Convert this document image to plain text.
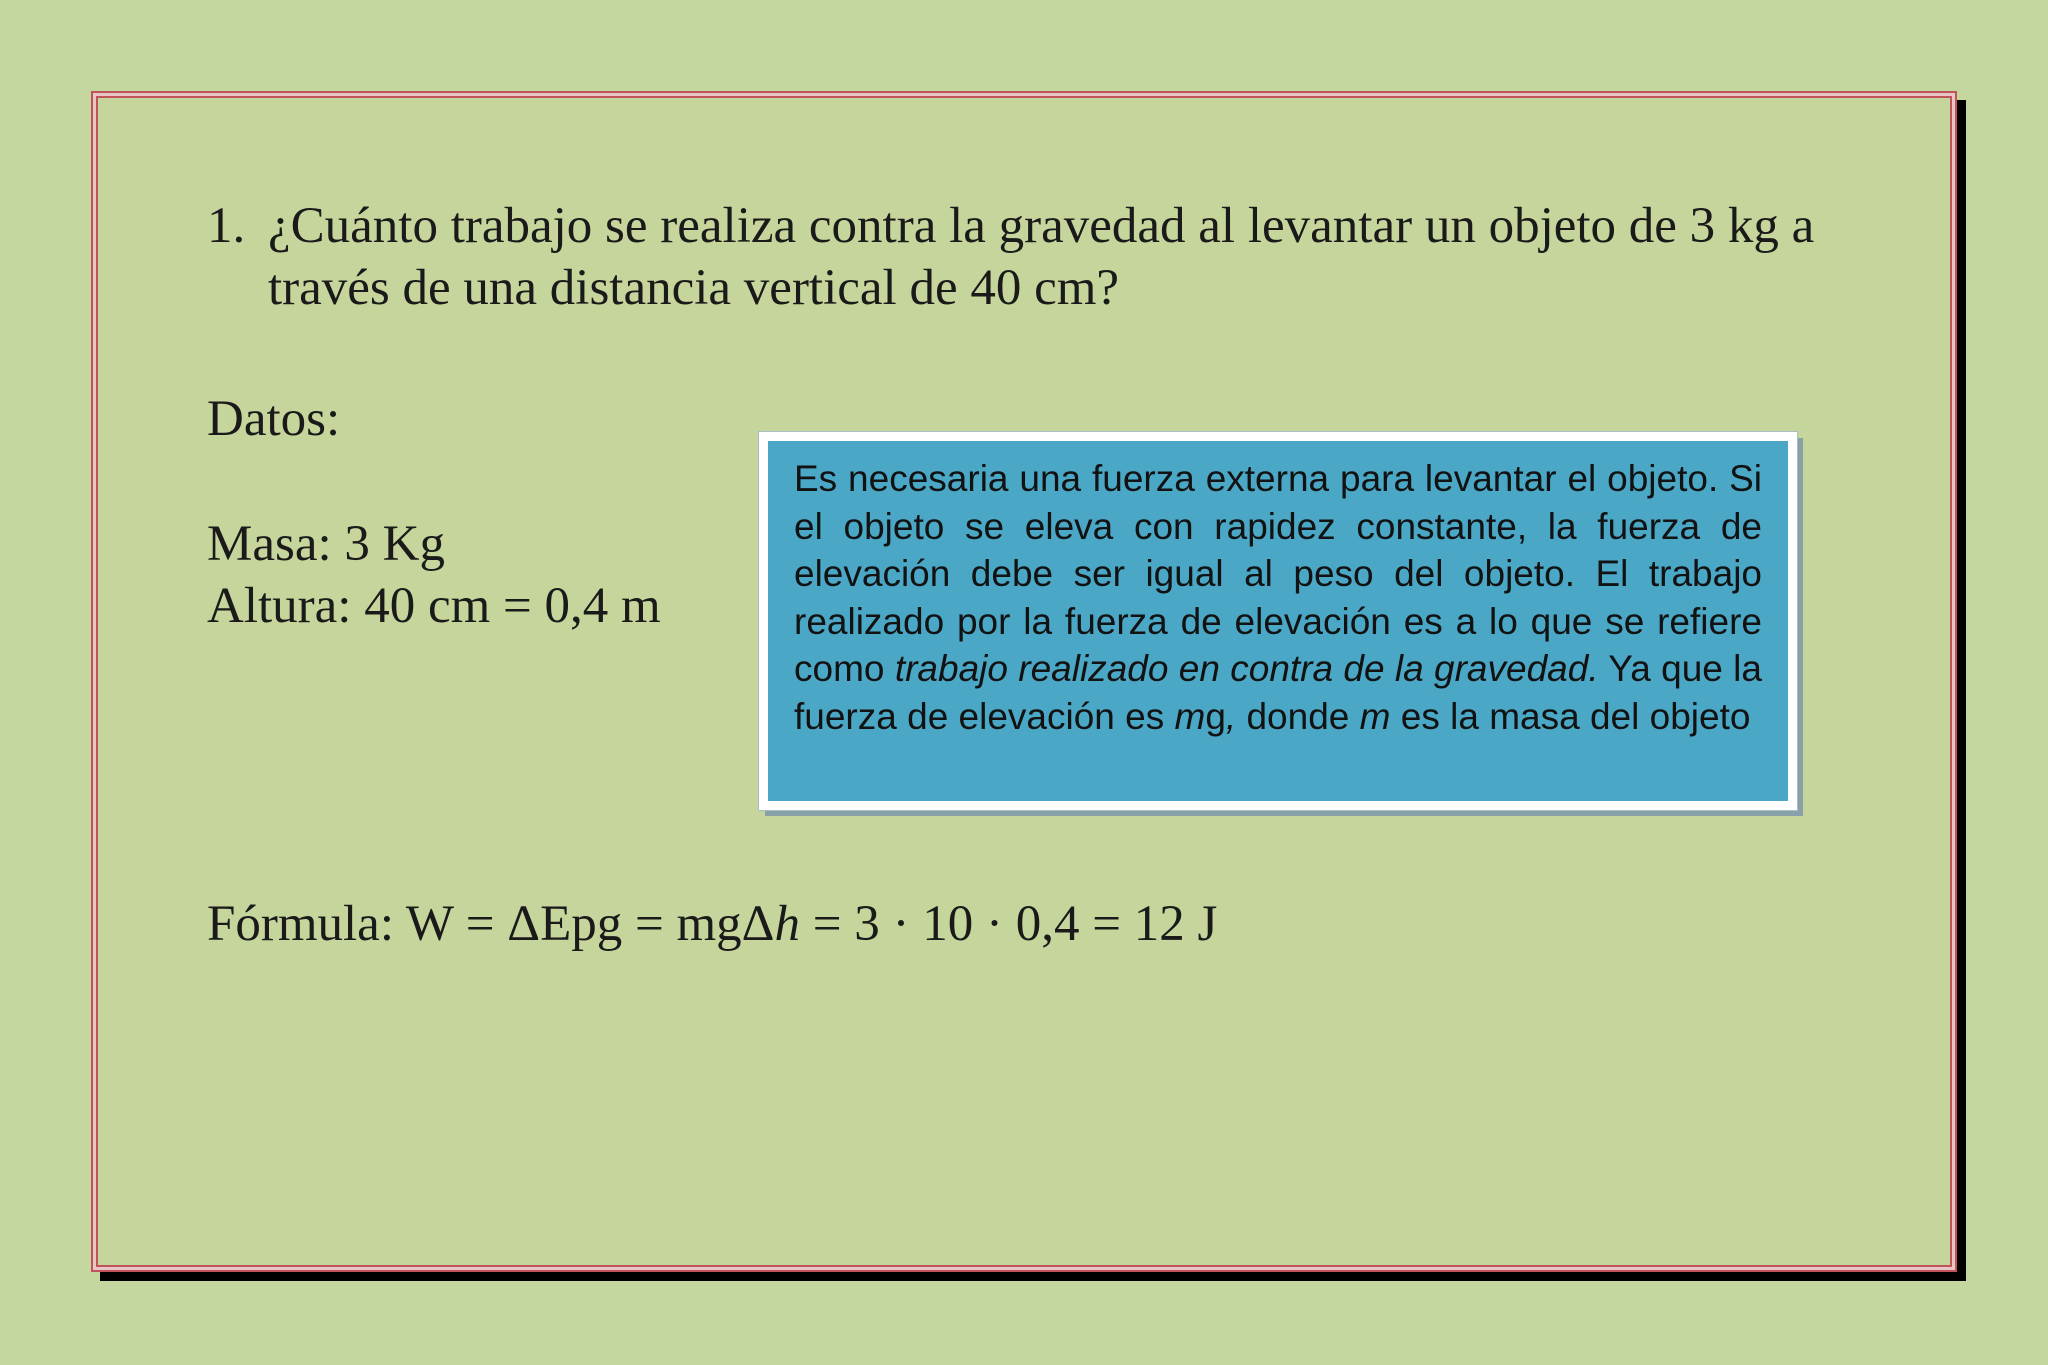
1. ¿Cuánto trabajo se realiza contra la gravedad al levantar un objeto de 3 kg a través de una distancia vertical de 40 cm?
Datos:
Masa: 3 Kg
Altura: 40 cm = 0,4 m

Es necesaria una fuerza externa para levantar el objeto. Si el objeto se eleva con rapidez constante, la fuerza de elevación debe ser igual al peso del objeto. El trabajo realizado por la fuerza de elevación es a lo que se refiere como trabajo realizado en contra de la gravedad. Ya que la fuerza de elevación es mg, donde m es la masa del objeto

Fórmula: W = ΔEpg = mgΔh = 3 · 10 · 0,4 = 12 J
